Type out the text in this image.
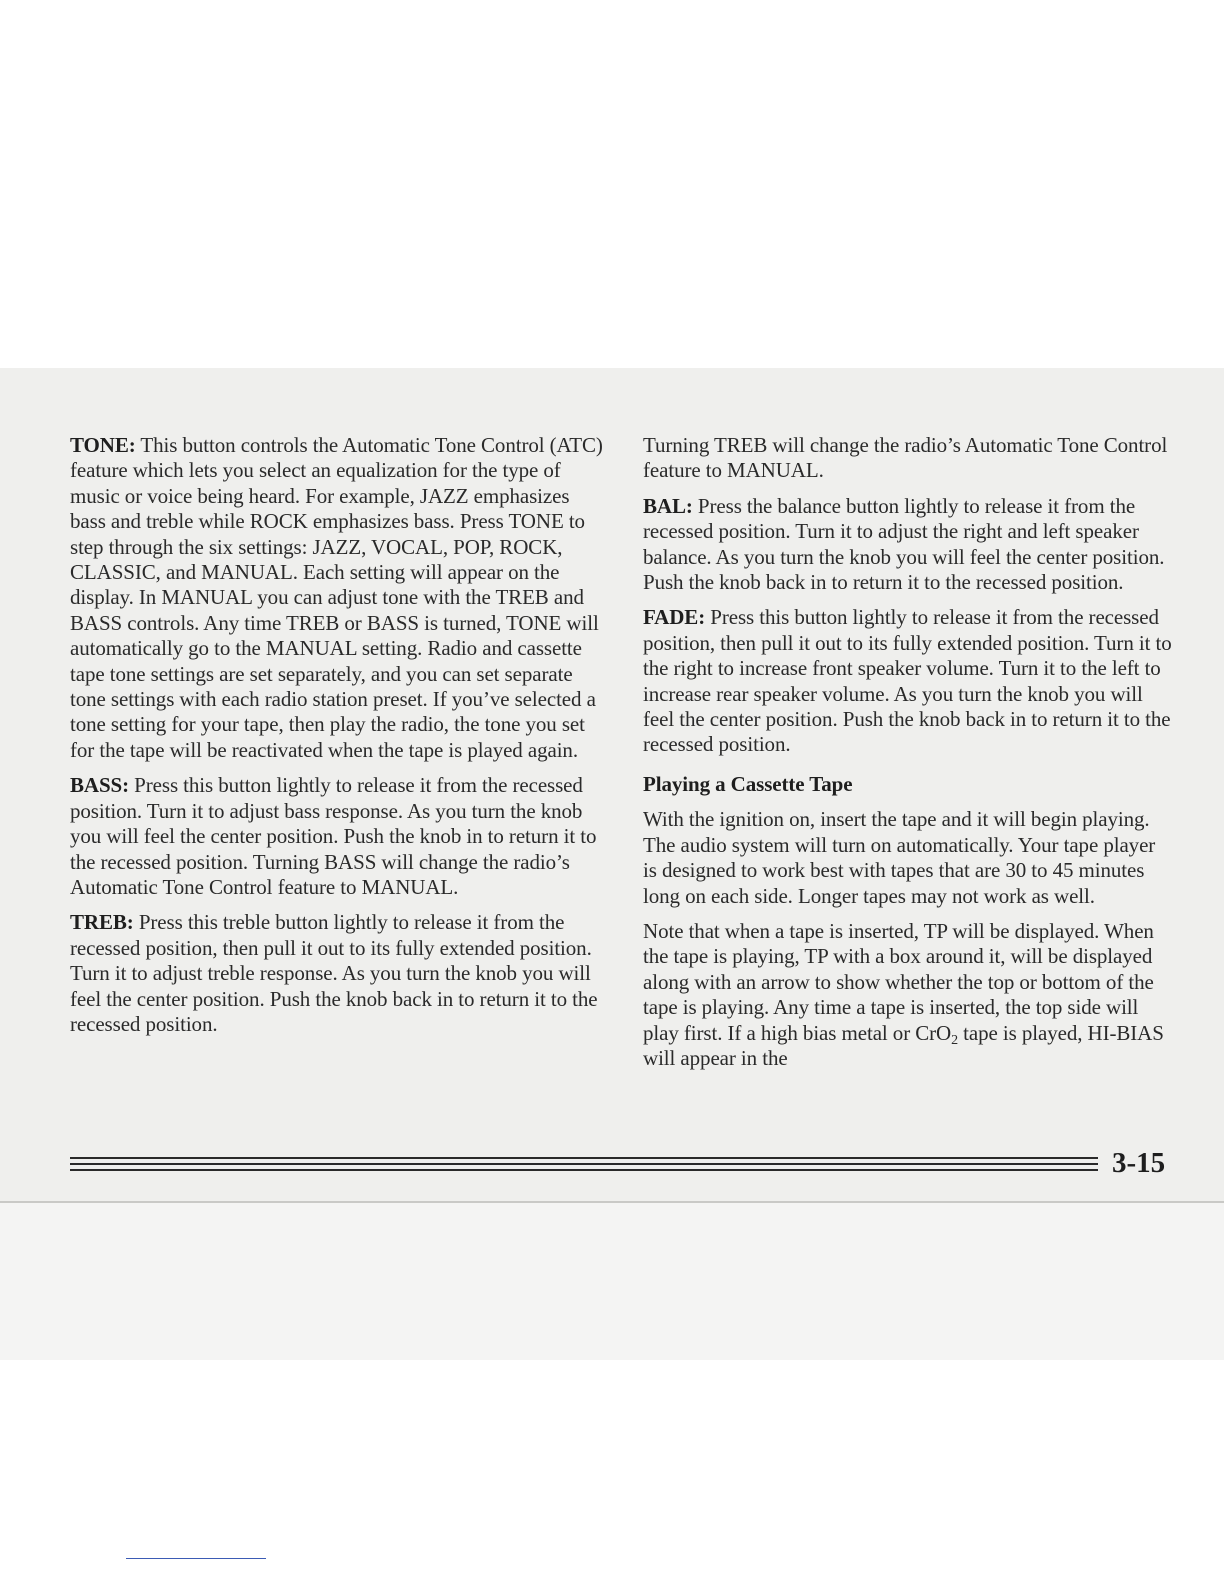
TONE: This button controls the Automatic Tone Control (ATC) feature which lets you select an equalization for the type of music or voice being heard. For example, JAZZ emphasizes bass and treble while ROCK emphasizes bass. Press TONE to step through the six settings: JAZZ, VOCAL, POP, ROCK, CLASSIC, and MANUAL. Each setting will appear on the display. In MANUAL you can adjust tone with the TREB and BASS controls. Any time TREB or BASS is turned, TONE will automatically go to the MANUAL setting. Radio and cassette tape tone settings are set separately, and you can set separate tone settings with each radio station preset. If you’ve selected a tone setting for your tape, then play the radio, the tone you set for the tape will be reactivated when the tape is played again.

BASS: Press this button lightly to release it from the recessed position. Turn it to adjust bass response. As you turn the knob you will feel the center position. Push the knob in to return it to the recessed position. Turning BASS will change the radio’s Automatic Tone Control feature to MANUAL.

TREB: Press this treble button lightly to release it from the recessed position, then pull it out to its fully extended position. Turn it to adjust treble response. As you turn the knob you will feel the center position. Push the knob back in to return it to the recessed position.

Turning TREB will change the radio’s Automatic Tone Control feature to MANUAL.

BAL: Press the balance button lightly to release it from the recessed position. Turn it to adjust the right and left speaker balance. As you turn the knob you will feel the center position. Push the knob back in to return it to the recessed position.

FADE: Press this button lightly to release it from the recessed position, then pull it out to its fully extended position. Turn it to the right to increase front speaker volume. Turn it to the left to increase rear speaker volume. As you turn the knob you will feel the center position. Push the knob back in to return it to the recessed position.

Playing a Cassette Tape

With the ignition on, insert the tape and it will begin playing. The audio system will turn on automatically. Your tape player is designed to work best with tapes that are 30 to 45 minutes long on each side. Longer tapes may not work as well.

Note that when a tape is inserted, TP will be displayed. When the tape is playing, TP with a box around it, will be displayed along with an arrow to show whether the top or bottom of the tape is playing. Any time a tape is inserted, the top side will play first. If a high bias metal or CrO$_2$ tape is played, HI-BIAS will appear in the

3-15
